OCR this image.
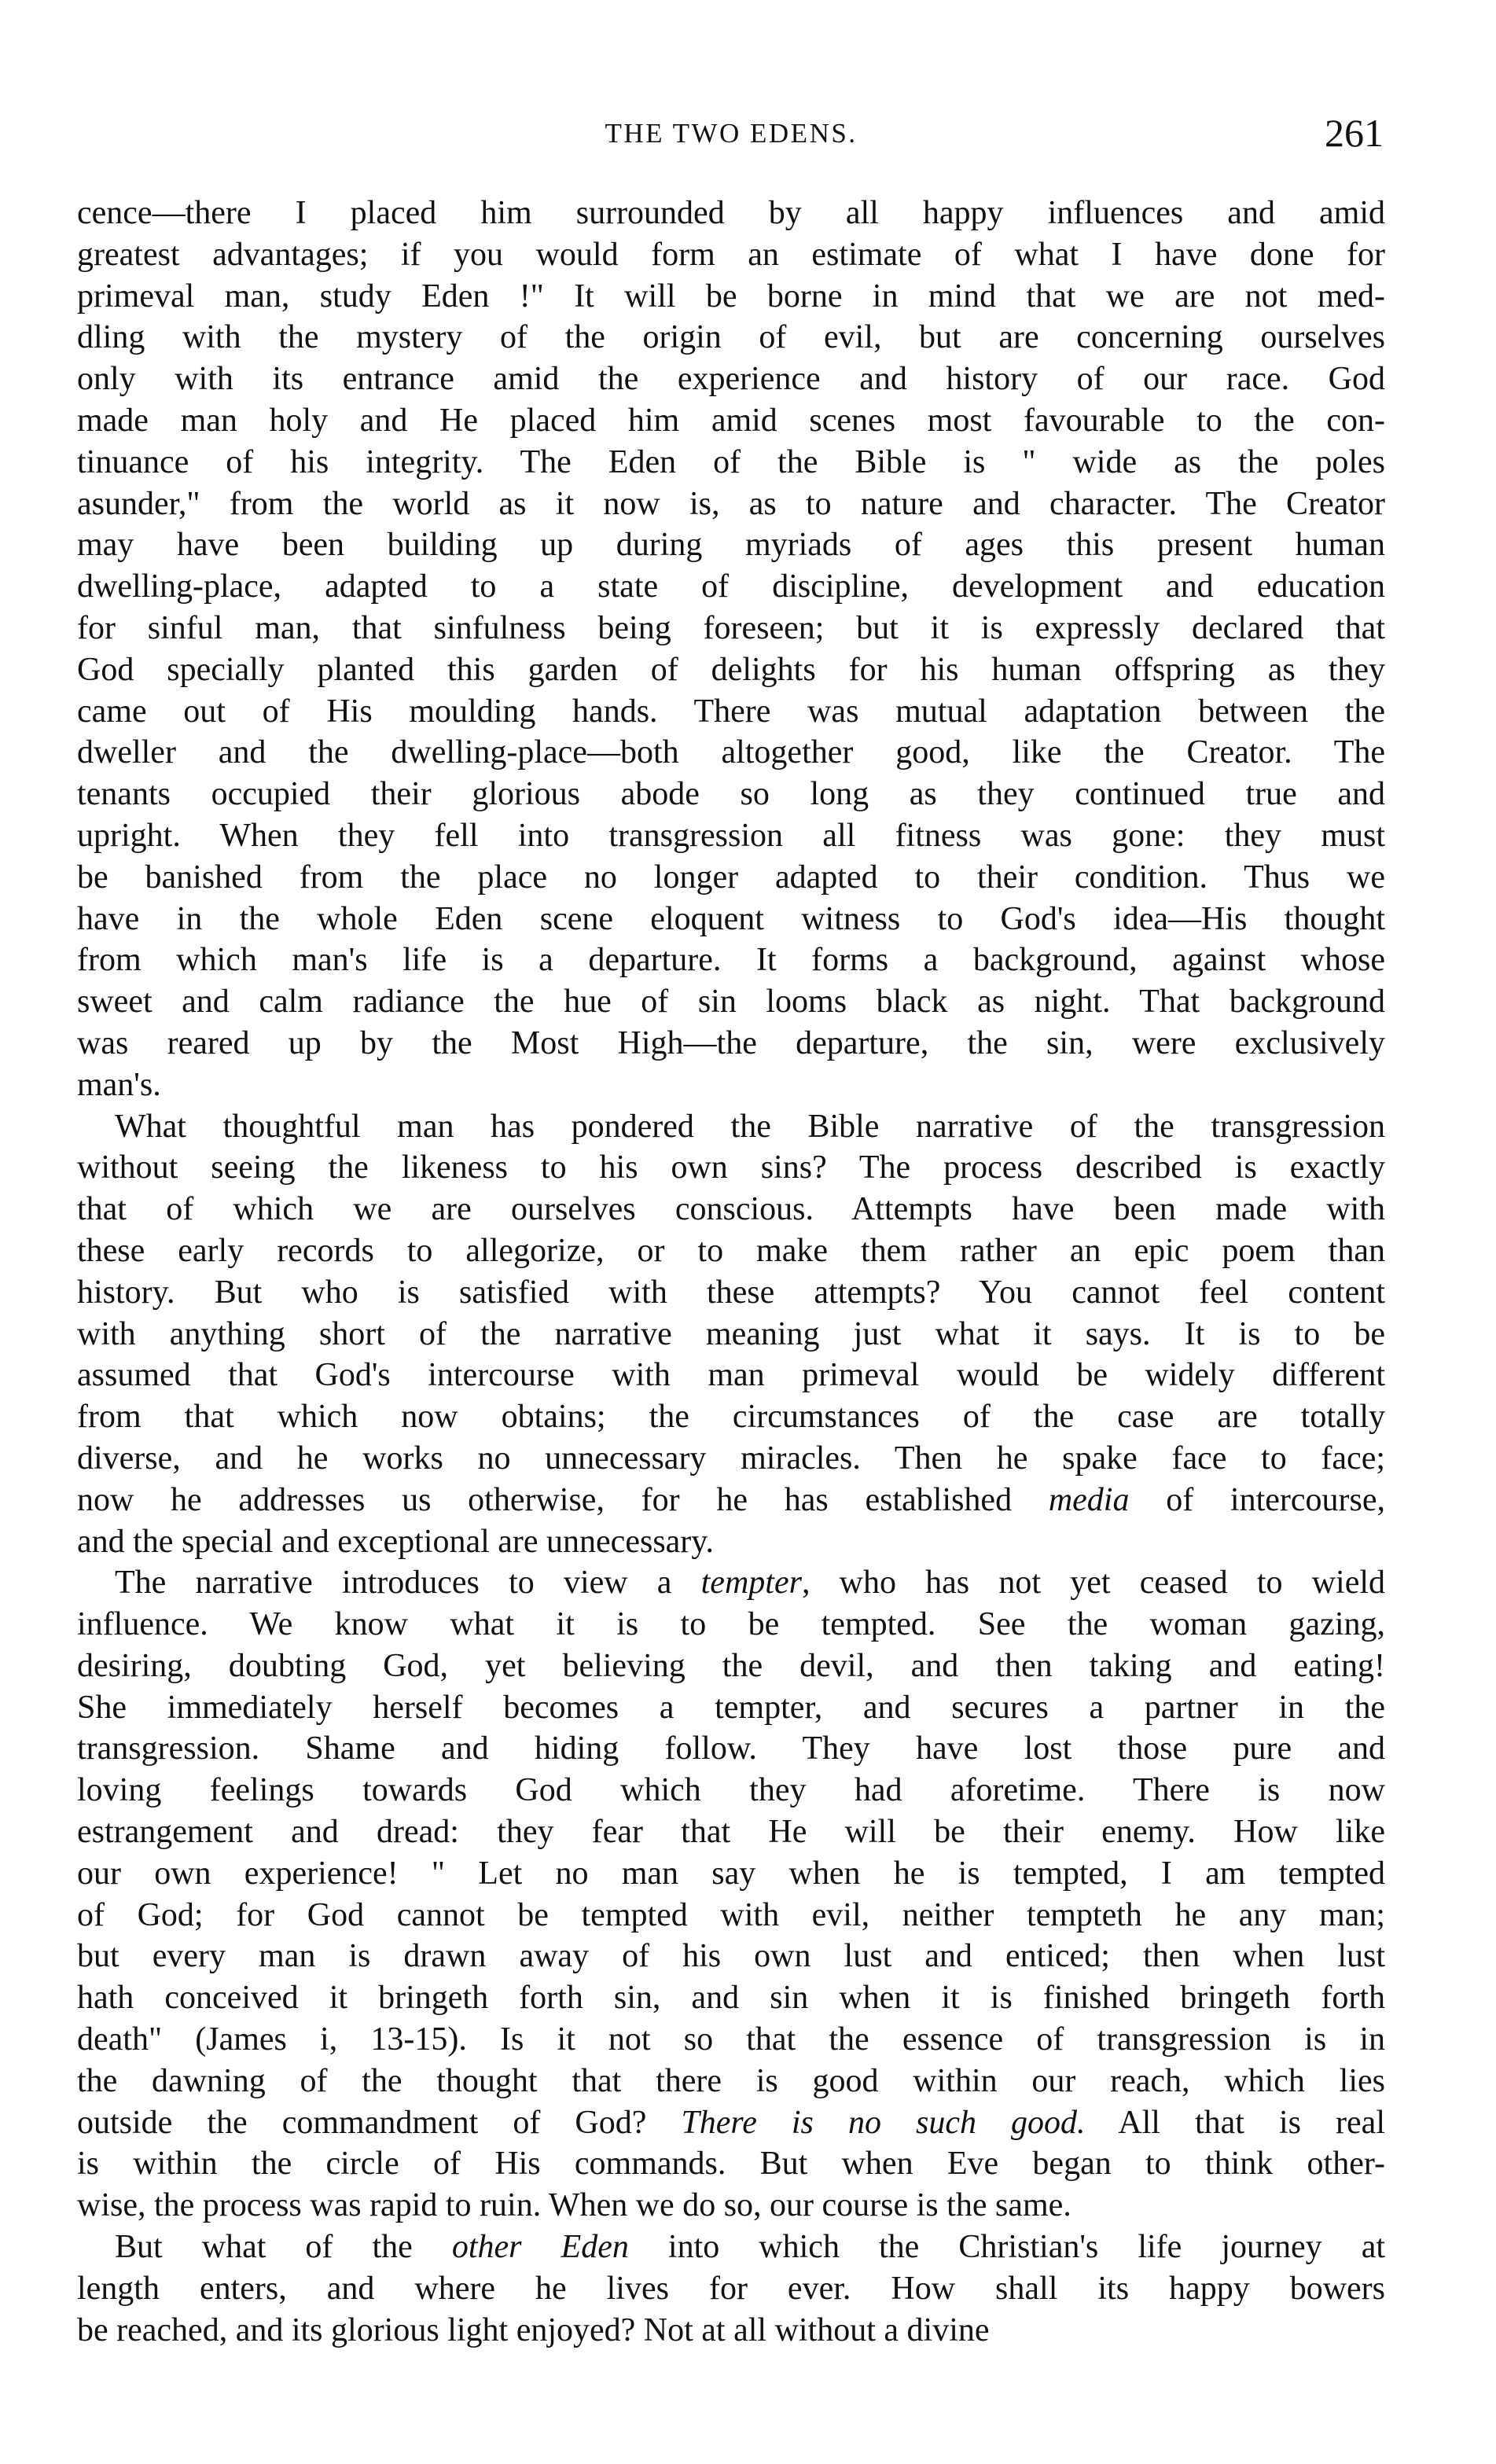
THE TWO EDENS.	261
cence—there I placed him surrounded by all happy influences and amid
greatest advantages; if you would form an estimate of what I have done for
primeval man, study Eden !" It will be borne in mind that we are not med-
dling with the mystery of the origin of evil, but are concerning ourselves
only with its entrance amid the experience and history of our race. God
made man holy and He placed him amid scenes most favourable to the con-
tinuance of his integrity. The Eden of the Bible is " wide as the poles
asunder," from the world as it now is, as to nature and character. The Creator
may have been building up during myriads of ages this present human
dwelling-place, adapted to a state of discipline, development and education
for sinful man, that sinfulness being foreseen; but it is expressly declared that
God specially planted this garden of delights for his human offspring as they
came out of His moulding hands. There was mutual adaptation between the
dweller and the dwelling-place—both altogether good, like the Creator. The
tenants occupied their glorious abode so long as they continued true and
upright. When they fell into transgression all fitness was gone: they must
be banished from the place no longer adapted to their condition. Thus we
have in the whole Eden scene eloquent witness to God's idea—His thought
from which man's life is a departure. It forms a background, against whose
sweet and calm radiance the hue of sin looms black as night. That background
was reared up by the Most High—the departure, the sin, were exclusively
man's.
What thoughtful man has pondered the Bible narrative of the transgression
without seeing the likeness to his own sins? The process described is exactly
that of which we are ourselves conscious. Attempts have been made with
these early records to allegorize, or to make them rather an epic poem than
history. But who is satisfied with these attempts? You cannot feel content
with anything short of the narrative meaning just what it says. It is to be
assumed that God's intercourse with man primeval would be widely different
from that which now obtains; the circumstances of the case are totally
diverse, and he works no unnecessary miracles. Then he spake face to face;
now he addresses us otherwise, for he has established media of intercourse,
and the special and exceptional are unnecessary.
The narrative introduces to view a tempter, who has not yet ceased to wield
influence. We know what it is to be tempted. See the woman gazing,
desiring, doubting God, yet believing the devil, and then taking and eating!
She immediately herself becomes a tempter, and secures a partner in the
transgression. Shame and hiding follow. They have lost those pure and
loving feelings towards God which they had aforetime. There is now
estrangement and dread: they fear that He will be their enemy. How like
our own experience! " Let no man say when he is tempted, I am tempted
of God; for God cannot be tempted with evil, neither tempteth he any man;
but every man is drawn away of his own lust and enticed; then when lust
hath conceived it bringeth forth sin, and sin when it is finished bringeth forth
death" (James i, 13-15). Is it not so that the essence of transgression is in
the dawning of the thought that there is good within our reach, which lies
outside the commandment of God? There is no such good. All that is real
is within the circle of His commands. But when Eve began to think other-
wise, the process was rapid to ruin. When we do so, our course is the same.
But what of the other Eden into which the Christian's life journey at
length enters, and where he lives for ever. How shall its happy bowers
be reached, and its glorious light enjoyed? Not at all without a divine
